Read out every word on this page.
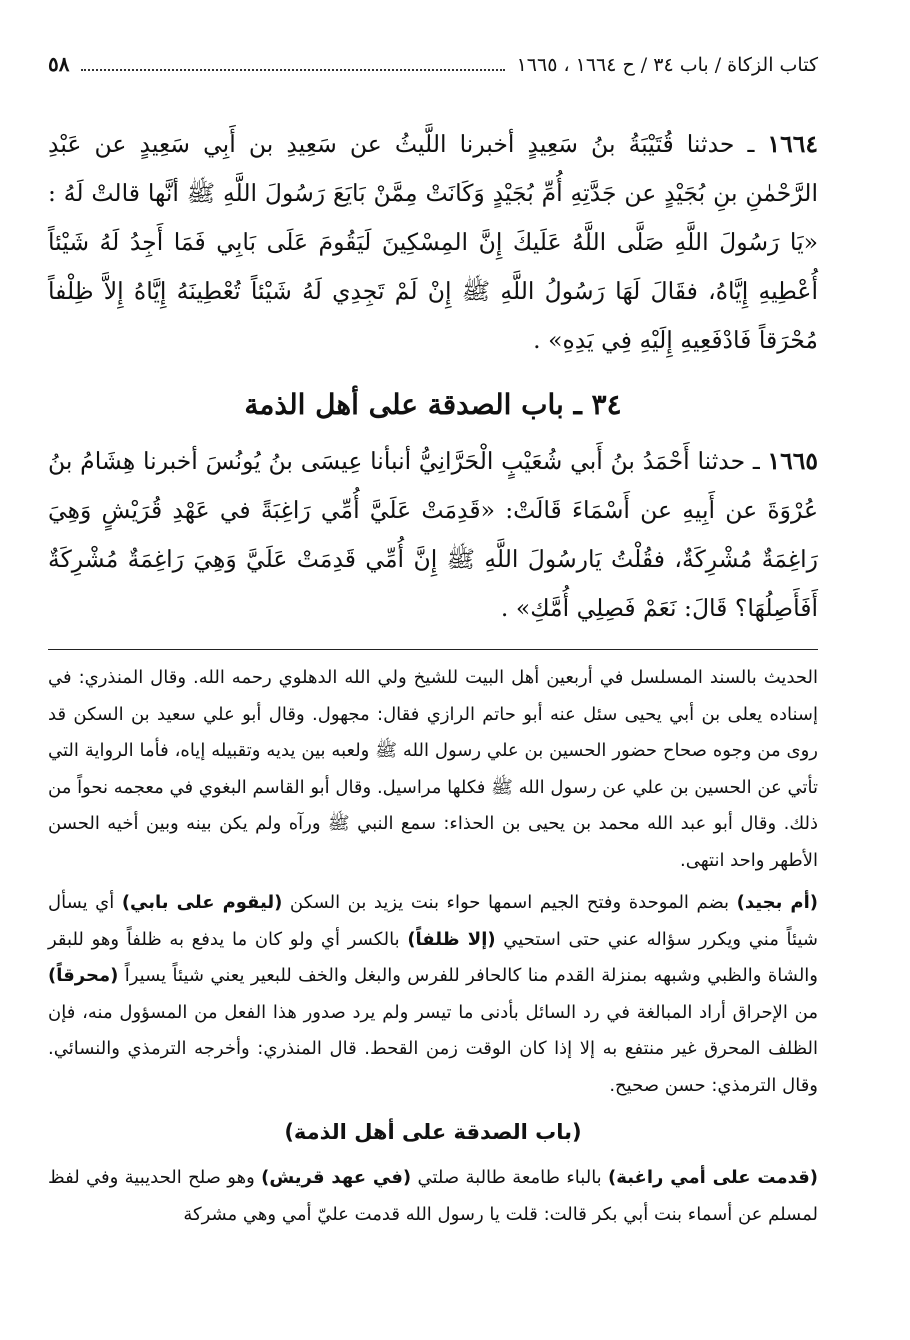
كتاب الزكاة / باب ٣٤ / ح ١٦٦٤ ، ١٦٦٥
٥٨

١٦٦٤ ـ حدثنا قُتَيْبَةُ بنُ سَعِيدٍ أخبرنا اللَّيثُ عن سَعِيدِ بن أَبِي سَعِيدٍ عن عَبْدِ الرَّحْمٰنِ بنِ بُجَيْدٍ عن جَدَّتِهِ أُمِّ بُجَيْدٍ وَكَانَتْ مِمَّنْ بَايَعَ رَسُولَ اللَّهِ ﷺ أنَّها قالتْ لَهُ : «يَا رَسُولَ اللَّهِ صَلَّى اللَّهُ عَلَيكَ إِنَّ المِسْكِينَ لَيَقُومَ عَلَى بَابِي فَمَا أَجِدُ لَهُ شَيْئاً أُعْطِيهِ إِيَّاهُ، فقَالَ لَهَا رَسُولُ اللَّهِ ﷺ إِنْ لَمْ تَجِدِي لَهُ شَيْئاً تُعْطِينَهُ إِيَّاهُ إِلاَّ ظِلْفاً مُحْرَقاً فَادْفَعِيهِ إِلَيْهِ فِي يَدِهِ» .

٣٤ ـ باب الصدقة على أهل الذمة

١٦٦٥ ـ حدثنا أَحْمَدُ بنُ أَبي شُعَيْبٍ الْحَرَّانِيُّ أنبأنا عِيسَى بنُ يُونُسَ أخبرنا هِشَامُ بنُ عُرْوَةَ عن أَبِيهِ عن أَسْمَاءَ قَالَتْ: «قَدِمَتْ عَلَيَّ أُمِّي رَاغِبَةً في عَهْدِ قُرَيْشٍ وَهِيَ رَاغِمَةٌ مُشْرِكَةٌ، فقُلْتُ يَارسُولَ اللَّهِ ﷺ إِنَّ أُمِّي قَدِمَتْ عَلَيَّ وَهِيَ رَاغِمَةٌ مُشْرِكَةٌ أَفَأَصِلُهَا؟ قَالَ: نَعَمْ فَصِلِي أُمَّكِ» .

الحديث بالسند المسلسل في أربعين أهل البيت للشيخ ولي الله الدهلوي رحمه الله. وقال المنذري: في إسناده يعلى بن أبي يحيى سئل عنه أبو حاتم الرازي فقال: مجهول. وقال أبو علي سعيد بن السكن قد روى من وجوه صحاح حضور الحسين بن علي رسول الله ﷺ ولعبه بين يديه وتقبيله إياه، فأما الرواية التي تأتي عن الحسين بن علي عن رسول الله ﷺ فكلها مراسيل. وقال أبو القاسم البغوي في معجمه نحواً من ذلك. وقال أبو عبد الله محمد بن يحيى بن الحذاء: سمع النبي ﷺ ورآه ولم يكن بينه وبين أخيه الحسن الأطهر واحد انتهى.

(أم بجيد) بضم الموحدة وفتح الجيم اسمها حواء بنت يزيد بن السكن (ليقوم على بابي) أي يسأل شيئاً مني ويكرر سؤاله عني حتى استحيي (إلا ظلفاً) بالكسر أي ولو كان ما يدفع به ظلفاً وهو للبقر والشاة والظبي وشبهه بمنزلة القدم منا كالحافر للفرس والبغل والخف للبعير يعني شيئاً يسيراً (محرقاً) من الإحراق أراد المبالغة في رد السائل بأدنى ما تيسر ولم يرد صدور هذا الفعل من المسؤول منه، فإن الظلف المحرق غير منتفع به إلا إذا كان الوقت زمن القحط. قال المنذري: وأخرجه الترمذي والنسائي. وقال الترمذي: حسن صحيح.

(باب الصدقة على أهل الذمة)

(قدمت على أمي راغبة) بالباء طامعة طالبة صلتي (في عهد قريش) وهو صلح الحديبية وفي لفظ لمسلم عن أسماء بنت أبي بكر قالت: قلت يا رسول الله قدمت عليّ أمي وهي مشركة
